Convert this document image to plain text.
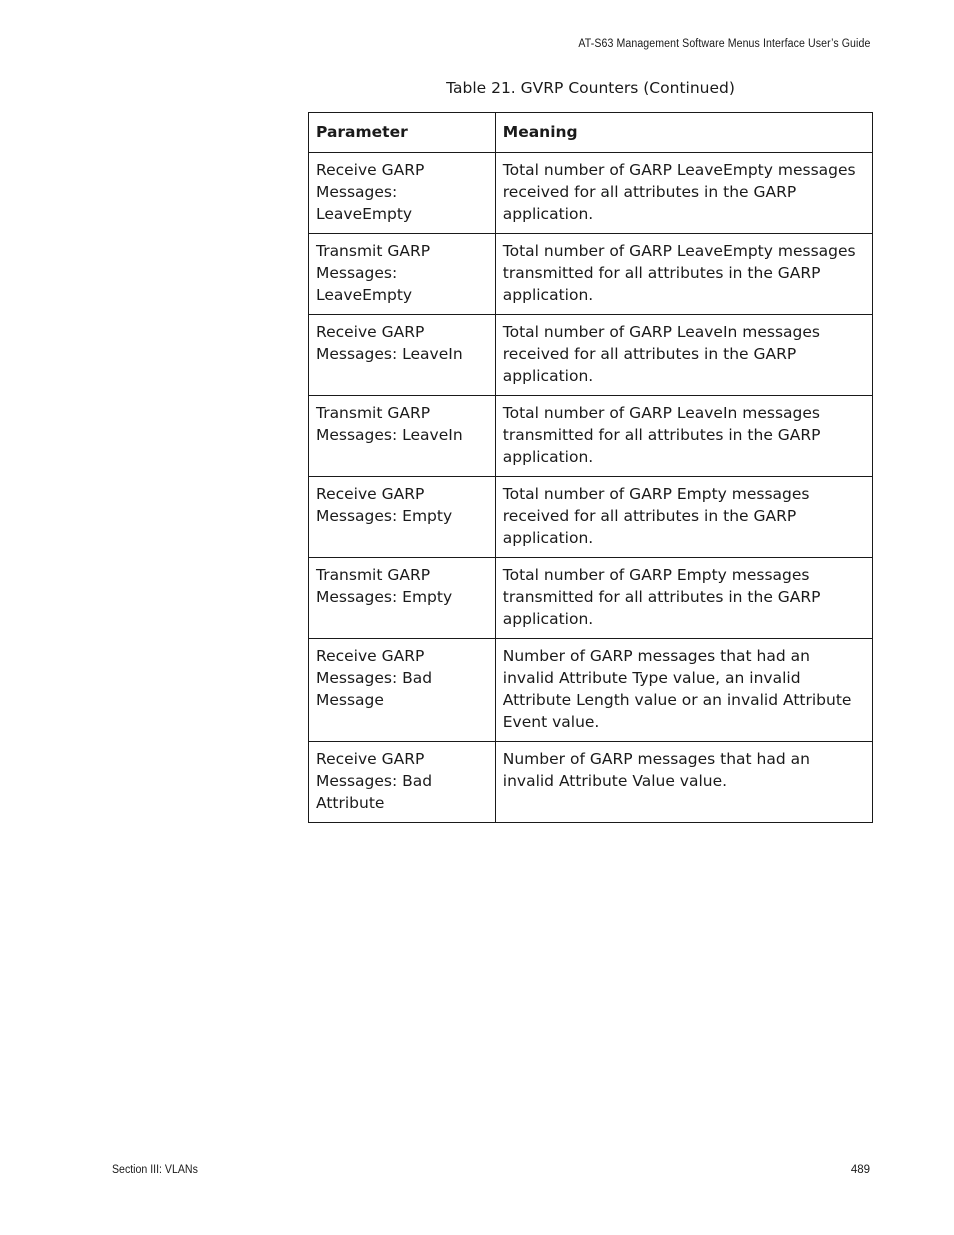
AT-S63 Management Software Menus Interface User’s Guide
Table 21. GVRP Counters (Continued)
Parameter	Meaning
Receive GARP Messages: LeaveEmpty	Total number of GARP LeaveEmpty messages received for all attributes in the GARP application.
Transmit GARP Messages: LeaveEmpty	Total number of GARP LeaveEmpty messages transmitted for all attributes in the GARP application.
Receive GARP Messages: LeaveIn	Total number of GARP LeaveIn messages received for all attributes in the GARP application.
Transmit GARP Messages: LeaveIn	Total number of GARP LeaveIn messages transmitted for all attributes in the GARP application.
Receive GARP Messages: Empty	Total number of GARP Empty messages received for all attributes in the GARP application.
Transmit GARP Messages: Empty	Total number of GARP Empty messages transmitted for all attributes in the GARP application.
Receive GARP Messages: Bad Message	Number of GARP messages that had an invalid Attribute Type value, an invalid Attribute Length value or an invalid Attribute Event value.
Receive GARP Messages: Bad Attribute	Number of GARP messages that had an invalid Attribute Value value.
Section III: VLANs	489
